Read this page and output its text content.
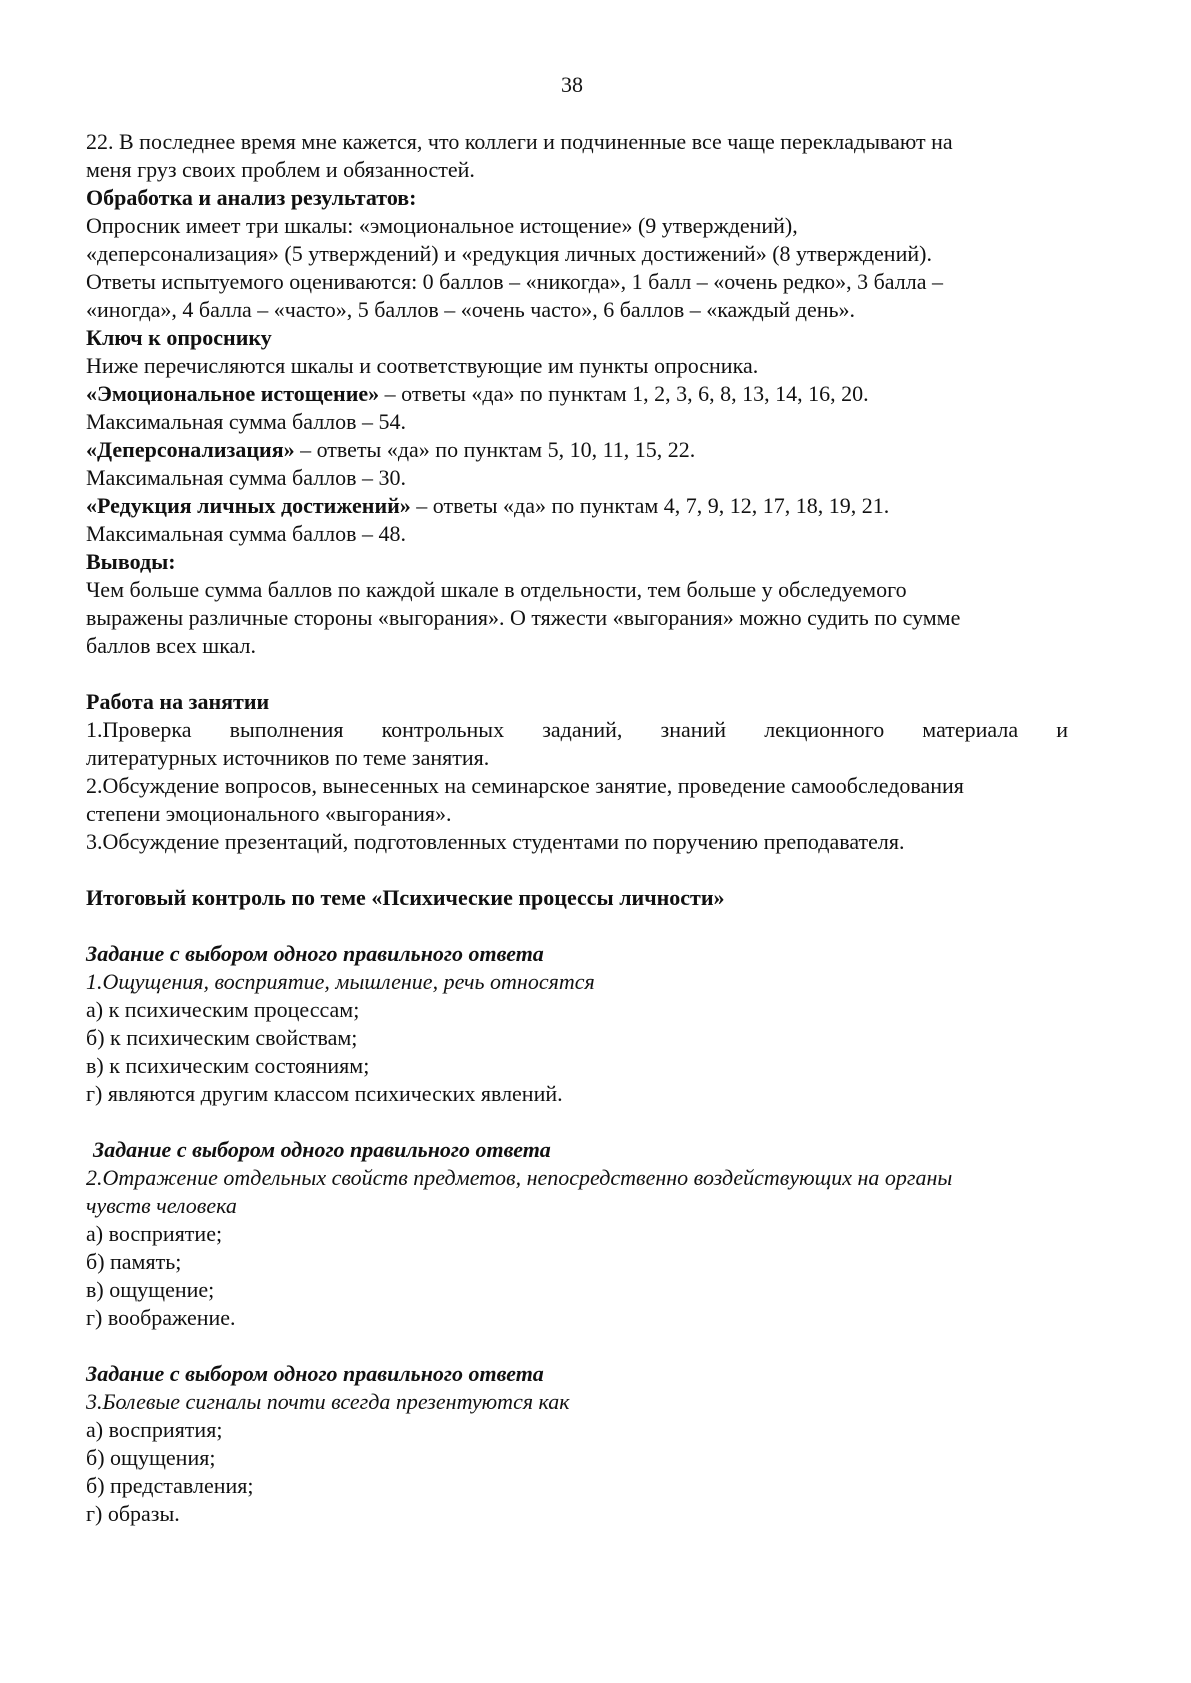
38

22. В последнее время мне кажется, что коллеги и подчиненные все чаще перекладывают на

меня груз своих проблем и обязанностей.

Обработка и анализ результатов:

Опросник имеет три шкалы: «эмоциональное истощение» (9 утверждений),

«деперсонализация» (5 утверждений) и «редукция личных достижений» (8 утверждений).

Ответы испытуемого оцениваются: 0 баллов – «никогда», 1 балл – «очень редко», 3 балла –

«иногда», 4 балла – «часто», 5 баллов – «очень часто», 6 баллов – «каждый день».

Ключ к опроснику

Ниже перечисляются шкалы и соответствующие им пункты опросника.

«Эмоциональное истощение» – ответы «да» по пунктам 1, 2, 3, 6, 8, 13, 14, 16, 20.

Максимальная сумма баллов – 54.

«Деперсонализация» – ответы «да» по пунктам 5, 10, 11, 15, 22.

Максимальная сумма баллов – 30.

«Редукция личных достижений» – ответы «да» по пунктам 4, 7, 9, 12, 17, 18, 19, 21.

Максимальная сумма баллов – 48.

Выводы:

Чем больше сумма баллов по каждой шкале в отдельности, тем больше у обследуемого

выражены различные стороны «выгорания». О тяжести «выгорания» можно судить по сумме

баллов всех шкал.

Работа на занятии

1.Проверка выполнения контрольных заданий, знаний лекционного материала и

литературных источников по теме занятия.

2.Обсуждение вопросов, вынесенных на семинарское занятие, проведение самообследования

степени эмоционального «выгорания».

3.Обсуждение презентаций, подготовленных студентами по поручению преподавателя.

Итоговый контроль по теме «Психические процессы личности»

Задание с выбором одного правильного ответа

1.Ощущения, восприятие, мышление, речь относятся

а) к психическим процессам;

б) к психическим свойствам;

в) к психическим состояниям;

г) являются другим классом психических явлений.

Задание с выбором одного правильного ответа

2.Отражение отдельных свойств предметов, непосредственно воздействующих на органы

чувств человека

а) восприятие;

б) память;

в) ощущение;

г) воображение.

Задание с выбором одного правильного ответа

3.Болевые сигналы почти всегда презентуются как

а) восприятия;

б) ощущения;

б) представления;

г) образы.
